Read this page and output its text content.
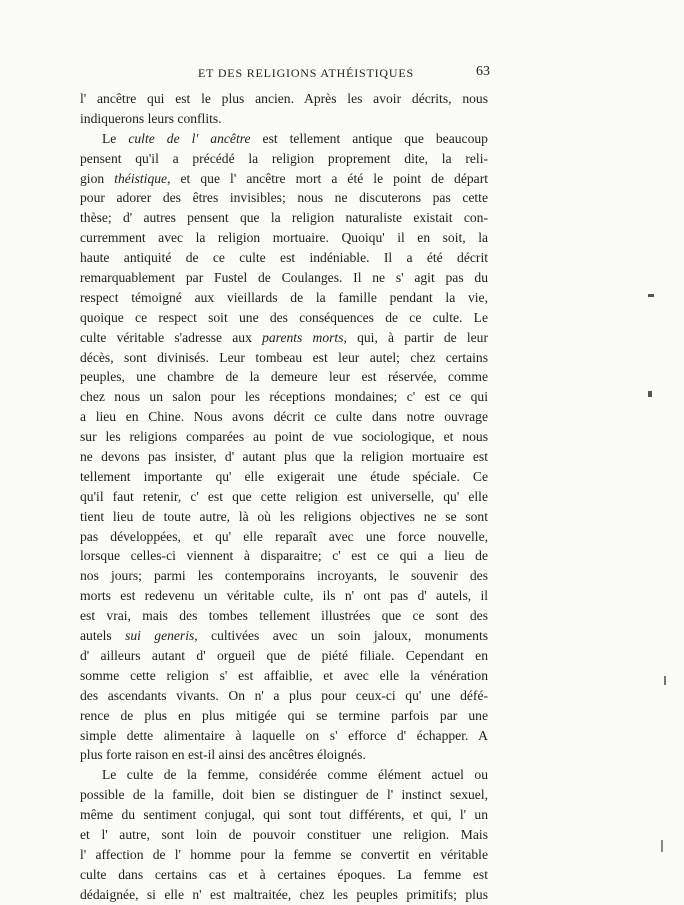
ET DES RELIGIONS ATHÉISTIQUES	63
l' ancêtre qui est le plus ancien. Après les avoir décrits, nous
indiquerons leurs conflits.
Le culte de l' ancêtre est tellement antique que beaucoup
pensent qu'il a précédé la religion proprement dite, la reli-
gion théistique, et que l' ancêtre mort a été le point de départ
pour adorer des êtres invisibles; nous ne discuterons pas cette
thèse; d' autres pensent que la religion naturaliste existait con-
curremment avec la religion mortuaire. Quoiqu' il en soit, la
haute antiquité de ce culte est indéniable. Il a été décrit
remarquablement par Fustel de Coulanges. Il ne s' agit pas du
respect témoigné aux vieillards de la famille pendant la vie,
quoique ce respect soit une des conséquences de ce culte. Le
culte véritable s'adresse aux parents morts, qui, à partir de leur
décès, sont divinisés. Leur tombeau est leur autel; chez certains
peuples, une chambre de la demeure leur est réservée, comme
chez nous un salon pour les réceptions mondaines; c' est ce qui
a lieu en Chine. Nous avons décrit ce culte dans notre ouvrage
sur les religions comparées au point de vue sociologique, et nous
ne devons pas insister, d' autant plus que la religion mortuaire est
tellement importante qu' elle exigerait une étude spéciale. Ce
qu'il faut retenir, c' est que cette religion est universelle, qu' elle
tient lieu de toute autre, là où les religions objectives ne se sont
pas développées, et qu' elle reparaît avec une force nouvelle,
lorsque celles-ci viennent à disparaitre; c' est ce qui a lieu de
nos jours; parmi les contemporains incroyants, le souvenir des
morts est redevenu un véritable culte, ils n' ont pas d' autels, il
est vrai, mais des tombes tellement illustrées que ce sont des
autels sui generis, cultivées avec un soin jaloux, monuments
d' ailleurs autant d' orgueil que de piété filiale. Cependant en
somme cette religion s' est affaiblie, et avec elle la vénération
des ascendants vivants. On n' a plus pour ceux-ci qu' une défé-
rence de plus en plus mitigée qui se termine parfois par une
simple dette alimentaire à laquelle on s' efforce d' échapper. A
plus forte raison en est-il ainsi des ancêtres éloignés.
Le culte de la femme, considérée comme élément actuel ou
possible de la famille, doit bien se distinguer de l' instinct sexuel,
même du sentiment conjugal, qui sont tout différents, et qui, l' un
et l' autre, sont loin de pouvoir constituer une religion. Mais
l' affection de l' homme pour la femme se convertit en véritable
culte dans certains cas et à certaines époques. La femme est
dédaignée, si elle n' est maltraitée, chez les peuples primitifs; plus
